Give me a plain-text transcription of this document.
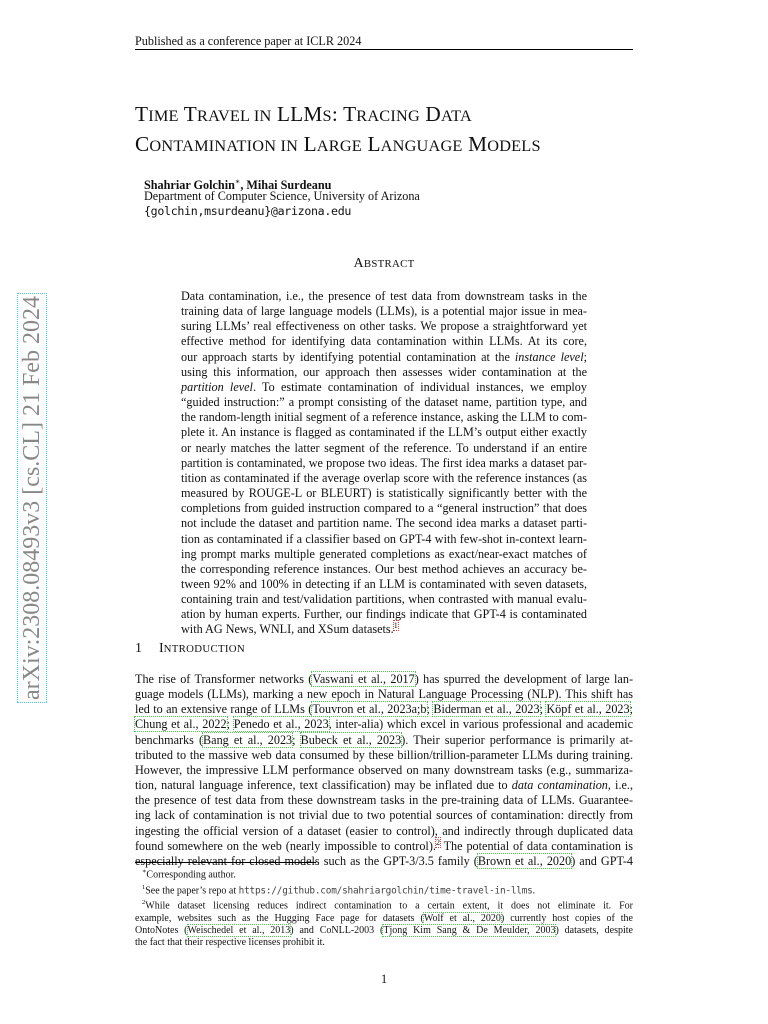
Published as a conference paper at ICLR 2024
arXiv:2308.08493v3 [cs.CL] 21 Feb 2024
TIME TRAVEL IN LLMS: TRACING DATA
CONTAMINATION IN LARGE LANGUAGE MODELS
Shahriar Golchin∗, Mihai Surdeanu
Department of Computer Science, University of Arizona
{golchin,msurdeanu}@arizona.edu
ABSTRACT
Data contamination, i.e., the presence of test data from downstream tasks in the
training data of large language models (LLMs), is a potential major issue in mea-
suring LLMs’ real effectiveness on other tasks. We propose a straightforward yet
effective method for identifying data contamination within LLMs. At its core,
our approach starts by identifying potential contamination at the instance level;
using this information, our approach then assesses wider contamination at the
partition level. To estimate contamination of individual instances, we employ
“guided instruction:” a prompt consisting of the dataset name, partition type, and
the random-length initial segment of a reference instance, asking the LLM to com-
plete it. An instance is flagged as contaminated if the LLM’s output either exactly
or nearly matches the latter segment of the reference. To understand if an entire
partition is contaminated, we propose two ideas. The first idea marks a dataset par-
tition as contaminated if the average overlap score with the reference instances (as
measured by ROUGE-L or BLEURT) is statistically significantly better with the
completions from guided instruction compared to a “general instruction” that does
not include the dataset and partition name. The second idea marks a dataset parti-
tion as contaminated if a classifier based on GPT-4 with few-shot in-context learn-
ing prompt marks multiple generated completions as exact/near-exact matches of
the corresponding reference instances. Our best method achieves an accuracy be-
tween 92% and 100% in detecting if an LLM is contaminated with seven datasets,
containing train and test/validation partitions, when contrasted with manual evalu-
ation by human experts. Further, our findings indicate that GPT-4 is contaminated
with AG News, WNLI, and XSum datasets.$^1$
1 INTRODUCTION
The rise of Transformer networks (Vaswani et al., 2017) has spurred the development of large lan-
guage models (LLMs), marking a new epoch in Natural Language Processing (NLP). This shift has
led to an extensive range of LLMs (Touvron et al., 2023a;b; Biderman et al., 2023; Köpf et al., 2023;
Chung et al., 2022; Penedo et al., 2023, inter-alia) which excel in various professional and academic
benchmarks (Bang et al., 2023; Bubeck et al., 2023). Their superior performance is primarily at-
tributed to the massive web data consumed by these billion/trillion-parameter LLMs during training.
However, the impressive LLM performance observed on many downstream tasks (e.g., summariza-
tion, natural language inference, text classification) may be inflated due to data contamination, i.e.,
the presence of test data from these downstream tasks in the pre-training data of LLMs. Guarantee-
ing lack of contamination is not trivial due to two potential sources of contamination: directly from
ingesting the official version of a dataset (easier to control), and indirectly through duplicated data
found somewhere on the web (nearly impossible to control).$^2$ The potential of data contamination is
especially relevant for closed models such as the GPT-3/3.5 family (Brown et al., 2020) and GPT-4
∗Corresponding author.
$^1$See the paper’s repo at https://github.com/shahriargolchin/time-travel-in-llms.
$^2$While dataset licensing reduces indirect contamination to a certain extent, it does not eliminate it. For
example, websites such as the Hugging Face page for datasets (Wolf et al., 2020) currently host copies of the
OntoNotes (Weischedel et al., 2013) and CoNLL-2003 (Tjong Kim Sang & De Meulder, 2003) datasets, despite
the fact that their respective licenses prohibit it.
1
